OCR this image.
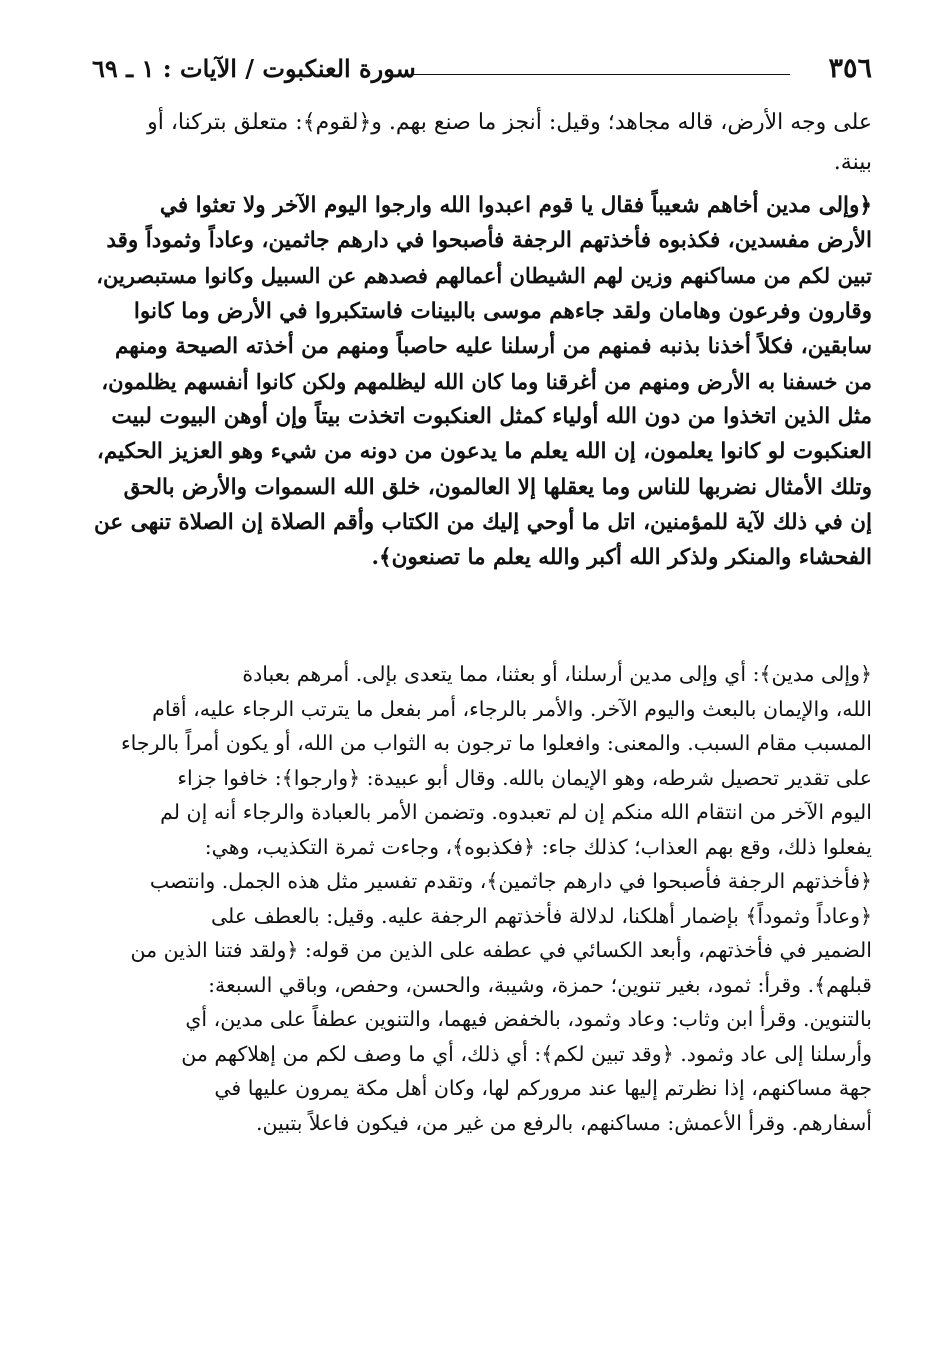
٣٥٦
سورة العنكبوت / الآيات : ١ ـ ٦٩
على وجه الأرض، قاله مجاهد؛ وقيل: أنجز ما صنع بهم. و﴿لقوم﴾: متعلق بتركنا، أو
بينة.
﴿وإلى مدين أخاهم شعيباً فقال يا قوم اعبدوا الله وارجوا اليوم الآخر ولا تعثوا في
الأرض مفسدين، فكذبوه فأخذتهم الرجفة فأصبحوا في دارهم جاثمين، وعاداً وثموداً وقد
تبين لكم من مساكنهم وزين لهم الشيطان أعمالهم فصدهم عن السبيل وكانوا مستبصرين،
وقارون وفرعون وهامان ولقد جاءهم موسى بالبينات فاستكبروا في الأرض وما كانوا
سابقين، فكلاً أخذنا بذنبه فمنهم من أرسلنا عليه حاصباً ومنهم من أخذته الصيحة ومنهم
من خسفنا به الأرض ومنهم من أغرقنا وما كان الله ليظلمهم ولكن كانوا أنفسهم يظلمون،
مثل الذين اتخذوا من دون الله أولياء كمثل العنكبوت اتخذت بيتاً وإن أوهن البيوت لبيت
العنكبوت لو كانوا يعلمون، إن الله يعلم ما يدعون من دونه من شيء وهو العزيز الحكيم،
وتلك الأمثال نضربها للناس وما يعقلها إلا العالمون، خلق الله السموات والأرض بالحق
إن في ذلك لآية للمؤمنين، اتل ما أوحي إليك من الكتاب وأقم الصلاة إن الصلاة تنهى عن
الفحشاء والمنكر ولذكر الله أكبر والله يعلم ما تصنعون﴾.
﴿وإلى مدين﴾: أي وإلى مدين أرسلنا، أو بعثنا، مما يتعدى بإلى. أمرهم بعبادة
الله، والإيمان بالبعث واليوم الآخر. والأمر بالرجاء، أمر بفعل ما يترتب الرجاء عليه، أقام
المسبب مقام السبب. والمعنى: وافعلوا ما ترجون به الثواب من الله، أو يكون أمراً بالرجاء
على تقدير تحصيل شرطه، وهو الإيمان بالله. وقال أبو عبيدة: ﴿وارجوا﴾: خافوا جزاء
اليوم الآخر من انتقام الله منكم إن لم تعبدوه. وتضمن الأمر بالعبادة والرجاء أنه إن لم
يفعلوا ذلك، وقع بهم العذاب؛ كذلك جاء: ﴿فكذبوه﴾، وجاءت ثمرة التكذيب، وهي:
﴿فأخذتهم الرجفة فأصبحوا في دارهم جاثمين﴾، وتقدم تفسير مثل هذه الجمل. وانتصب
﴿وعاداً وثموداً﴾ بإضمار أهلكنا، لدلالة فأخذتهم الرجفة عليه. وقيل: بالعطف على
الضمير في فأخذتهم، وأبعد الكسائي في عطفه على الذين من قوله: ﴿ولقد فتنا الذين من
قبلهم﴾. وقرأ: ثمود، بغير تنوين؛ حمزة، وشيبة، والحسن، وحفص، وباقي السبعة:
بالتنوين. وقرأ ابن وثاب: وعاد وثمود، بالخفض فيهما، والتنوين عطفاً على مدين، أي
وأرسلنا إلى عاد وثمود. ﴿وقد تبين لكم﴾: أي ذلك، أي ما وصف لكم من إهلاكهم من
جهة مساكنهم، إذا نظرتم إليها عند مروركم لها، وكان أهل مكة يمرون عليها في
أسفارهم. وقرأ الأعمش: مساكنهم، بالرفع من غير من، فيكون فاعلاً بتبين.
